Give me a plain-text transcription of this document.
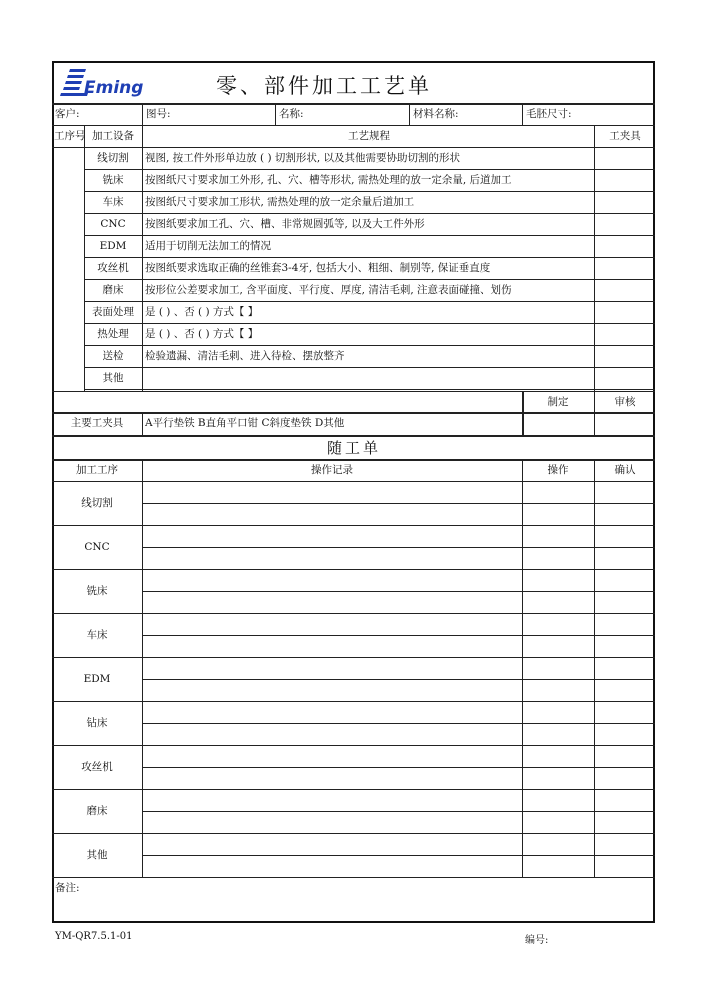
Eming	零、部件加工工艺单
客户:	图号:	名称:	材料名称:	毛胚尺寸:
工序号 加工设备	工艺规程	工夹具
线切割 视图, 按工件外形单边放 ( ) 切割形状, 以及其他需要协助切割的形状
铣床 按图纸尺寸要求加工外形, 孔、穴、槽等形状, 需热处理的放一定余量, 后道加工
车床 按图纸尺寸要求加工形状, 需热处理的放一定余量后道加工
CNC 按图纸要求加工孔、穴、槽、非常规圆弧等, 以及大工件外形
EDM 适用于切削无法加工的情况
攻丝机 按图纸要求选取正确的丝锥套3-4牙, 包括大小、粗细、制别等, 保证垂直度
磨床 按形位公差要求加工, 含平面度、平行度、厚度, 清洁毛刺, 注意表面碰撞、划伤
表面处理 是 ( ) 、否 ( ) 方式【 】
热处理 是 ( ) 、否 ( ) 方式【 】
送检 检验遗漏、清洁毛刺、进入待检、摆放整齐
其他
制定	审核
主要工夹具 A平行垫铁 B直角平口钳 C斜度垫铁 D其他
加工工序	操作记录	操作	确认
线切割
CNC
铣床
车床
EDM
钻床
攻丝机
磨床
其他
备注:
随工单
YM-QR7.5.1-01	编号:
